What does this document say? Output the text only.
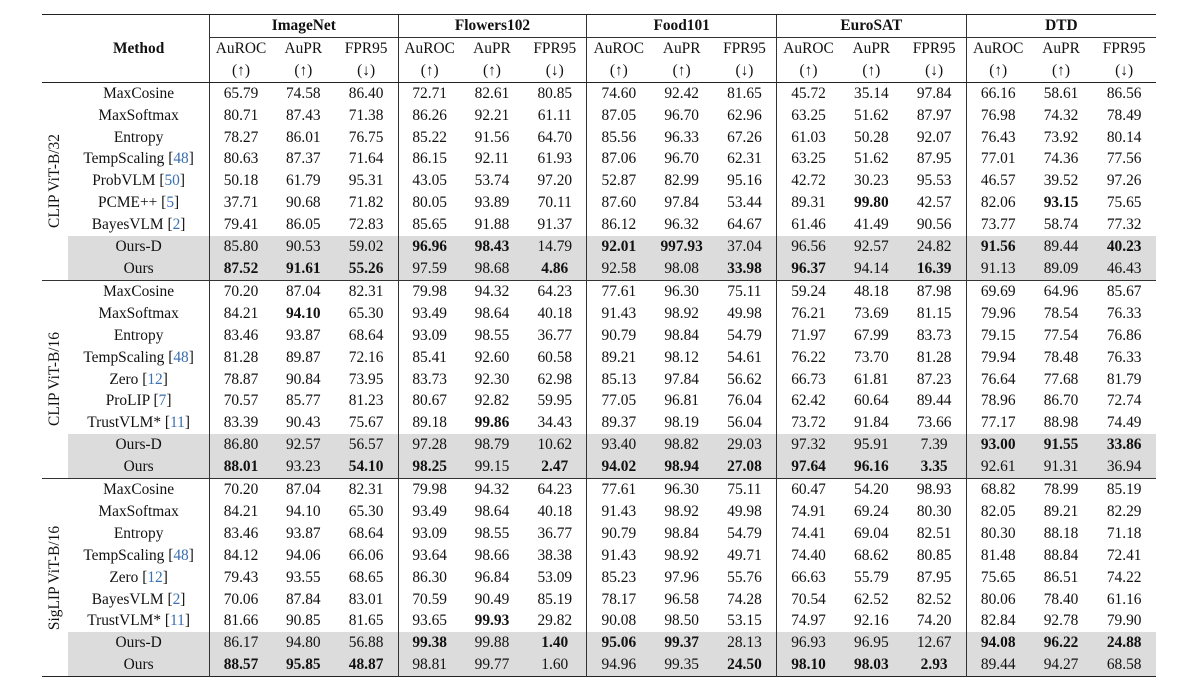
		ImageNet			Flowers102			Food101			EuroSAT			DTD		
	Method	AuROC	AuPR	FPR95	AuROC	AuPR	FPR95	AuROC	AuPR	FPR95	AuROC	AuPR	FPR95	AuROC	AuPR	FPR95
		(↑)	(↑)	(↓)	(↑)	(↑)	(↓)	(↑)	(↑)	(↓)	(↑)	(↑)	(↓)	(↑)	(↑)	(↓)

CLIP ViT-B/32	MaxCosine	65.79	74.58	86.40	72.71	82.61	80.85	74.60	92.42	81.65	45.72	35.14	97.84	66.16	58.61	86.56
	MaxSoftmax	80.71	87.43	71.38	86.26	92.21	61.11	87.05	96.70	62.96	63.25	51.62	87.97	76.98	74.32	78.49
	Entropy	78.27	86.01	76.75	85.22	91.56	64.70	85.56	96.33	67.26	61.03	50.28	92.07	76.43	73.92	80.14
	TempScaling [48]	80.63	87.37	71.64	86.15	92.11	61.93	87.06	96.70	62.31	63.25	51.62	87.95	77.01	74.36	77.56
	ProbVLM [50]	50.18	61.79	95.31	43.05	53.74	97.20	52.87	82.99	95.16	42.72	30.23	95.53	46.57	39.52	97.26
	PCME++ [5]	37.71	90.68	71.82	80.05	93.89	70.11	87.60	97.84	53.44	89.31	99.80	42.57	82.06	93.15	75.65
	BayesVLM [2]	79.41	86.05	72.83	85.65	91.88	91.37	86.12	96.32	64.67	61.46	41.49	90.56	73.77	58.74	77.32
	Ours-D	85.80	90.53	59.02	96.96	98.43	14.79	92.01	997.93	37.04	96.56	92.57	24.82	91.56	89.44	40.23
	Ours	87.52	91.61	55.26	97.59	98.68	4.86	92.58	98.08	33.98	96.37	94.14	16.39	91.13	89.09	46.43

CLIP ViT-B/16	MaxCosine	70.20	87.04	82.31	79.98	94.32	64.23	77.61	96.30	75.11	59.24	48.18	87.98	69.69	64.96	85.67
	MaxSoftmax	84.21	94.10	65.30	93.49	98.64	40.18	91.43	98.92	49.98	76.21	73.69	81.15	79.96	78.54	76.33
	Entropy	83.46	93.87	68.64	93.09	98.55	36.77	90.79	98.84	54.79	71.97	67.99	83.73	79.15	77.54	76.86
	TempScaling [48]	81.28	89.87	72.16	85.41	92.60	60.58	89.21	98.12	54.61	76.22	73.70	81.28	79.94	78.48	76.33
	Zero [12]	78.87	90.84	73.95	83.73	92.30	62.98	85.13	97.84	56.62	66.73	61.81	87.23	76.64	77.68	81.79
	ProLIP [7]	70.57	85.77	81.23	80.67	92.82	59.95	77.05	96.81	76.04	62.42	60.64	89.44	78.96	86.70	72.74
	TrustVLM* [11]	83.39	90.43	75.67	89.18	99.86	34.43	89.37	98.19	56.04	73.72	91.84	73.66	77.17	88.98	74.49
	Ours-D	86.80	92.57	56.57	97.28	98.79	10.62	93.40	98.82	29.03	97.32	95.91	7.39	93.00	91.55	33.86
	Ours	88.01	93.23	54.10	98.25	99.15	2.47	94.02	98.94	27.08	97.64	96.16	3.35	92.61	91.31	36.94

SigLIP ViT-B/16	MaxCosine	70.20	87.04	82.31	79.98	94.32	64.23	77.61	96.30	75.11	60.47	54.20	98.93	68.82	78.99	85.19
	MaxSoftmax	84.21	94.10	65.30	93.49	98.64	40.18	91.43	98.92	49.98	74.91	69.24	80.30	82.05	89.21	82.29
	Entropy	83.46	93.87	68.64	93.09	98.55	36.77	90.79	98.84	54.79	74.41	69.04	82.51	80.30	88.18	71.18
	TempScaling [48]	84.12	94.06	66.06	93.64	98.66	38.38	91.43	98.92	49.71	74.40	68.62	80.85	81.48	88.84	72.41
	Zero [12]	79.43	93.55	68.65	86.30	96.84	53.09	85.23	97.96	55.76	66.63	55.79	87.95	75.65	86.51	74.22
	BayesVLM [2]	70.06	87.84	83.01	70.59	90.49	85.19	78.17	96.58	74.28	70.54	62.52	82.52	80.06	78.40	61.16
	TrustVLM* [11]	81.66	90.85	81.65	93.65	99.93	29.82	90.08	98.50	53.15	74.97	92.16	74.20	82.84	92.78	79.90
	Ours-D	86.17	94.80	56.88	99.38	99.88	1.40	95.06	99.37	28.13	96.93	96.95	12.67	94.08	96.22	24.88
	Ours	88.57	95.85	48.87	98.81	99.77	1.60	94.96	99.35	24.50	98.10	98.03	2.93	89.44	94.27	68.58
